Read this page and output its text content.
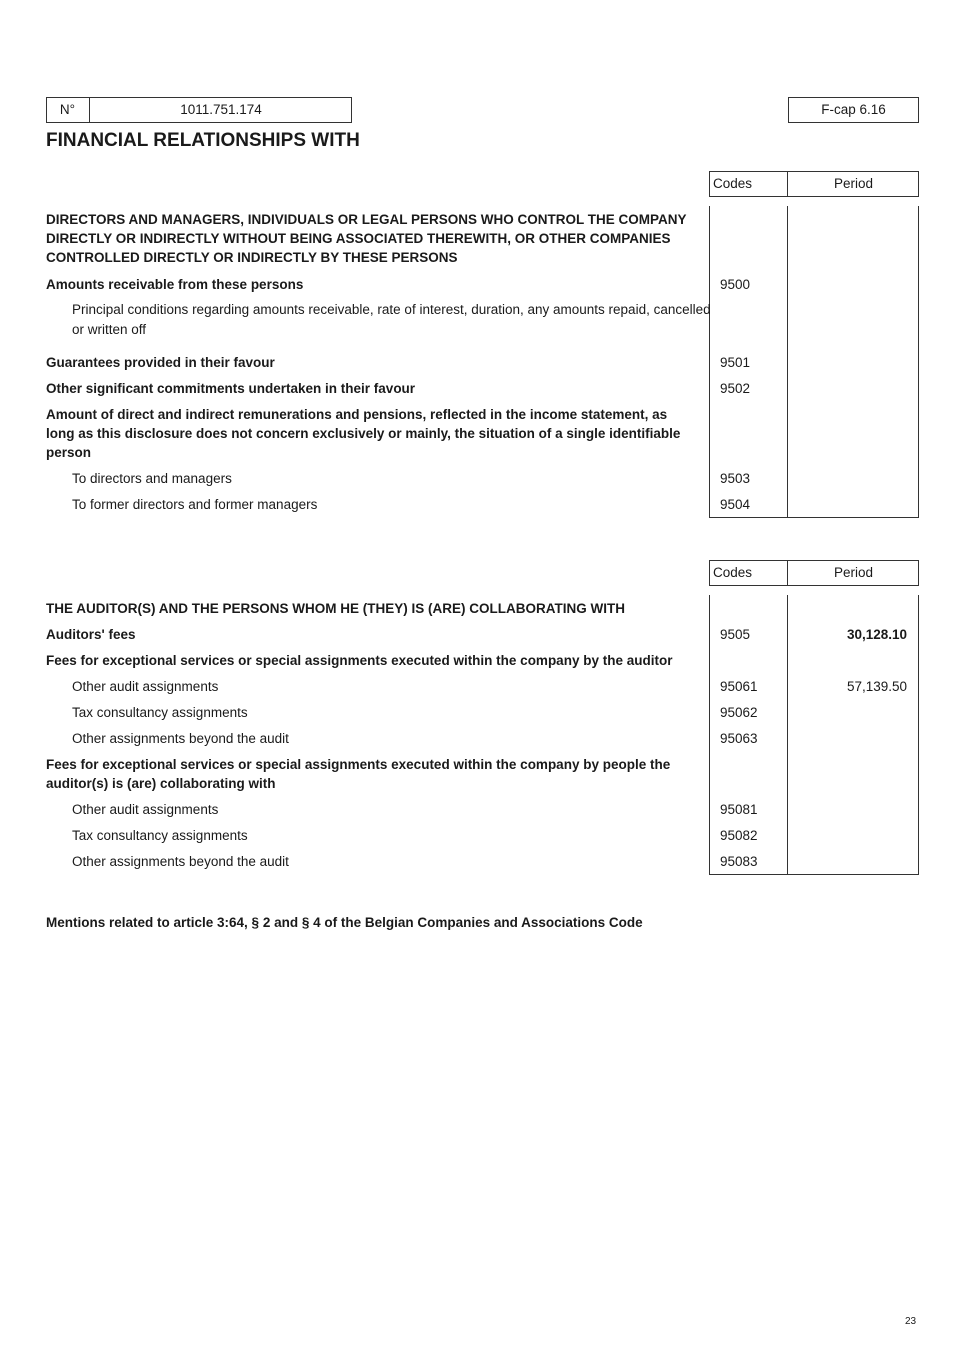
N°	1011.751.174	F-cap 6.16
FINANCIAL RELATIONSHIPS WITH
Codes	Period
DIRECTORS AND MANAGERS, INDIVIDUALS OR LEGAL PERSONS WHO CONTROL THE COMPANY
DIRECTLY OR INDIRECTLY WITHOUT BEING ASSOCIATED THEREWITH, OR OTHER COMPANIES
CONTROLLED DIRECTLY OR INDIRECTLY BY THESE PERSONS
Amounts receivable from these persons	9500
Principal conditions regarding amounts receivable, rate of interest, duration, any amounts repaid, cancelled
or written off
Guarantees provided in their favour	9501
Other significant commitments undertaken in their favour	9502
Amount of direct and indirect remunerations and pensions, reflected in the income statement, as
long as this disclosure does not concern exclusively or mainly, the situation of a single identifiable
person
To directors and managers	9503
To former directors and former managers	9504
Codes	Period
THE AUDITOR(S) AND THE PERSONS WHOM HE (THEY) IS (ARE) COLLABORATING WITH
Auditors' fees	9505	30,128.10
Fees for exceptional services or special assignments executed within the company by the auditor
Other audit assignments	95061	57,139.50
Tax consultancy assignments	95062
Other assignments beyond the audit	95063
Fees for exceptional services or special assignments executed within the company by people the
auditor(s) is (are) collaborating with
Other audit assignments	95081
Tax consultancy assignments	95082
Other assignments beyond the audit	95083
Mentions related to article 3:64, § 2 and § 4 of the Belgian Companies and Associations Code
23
